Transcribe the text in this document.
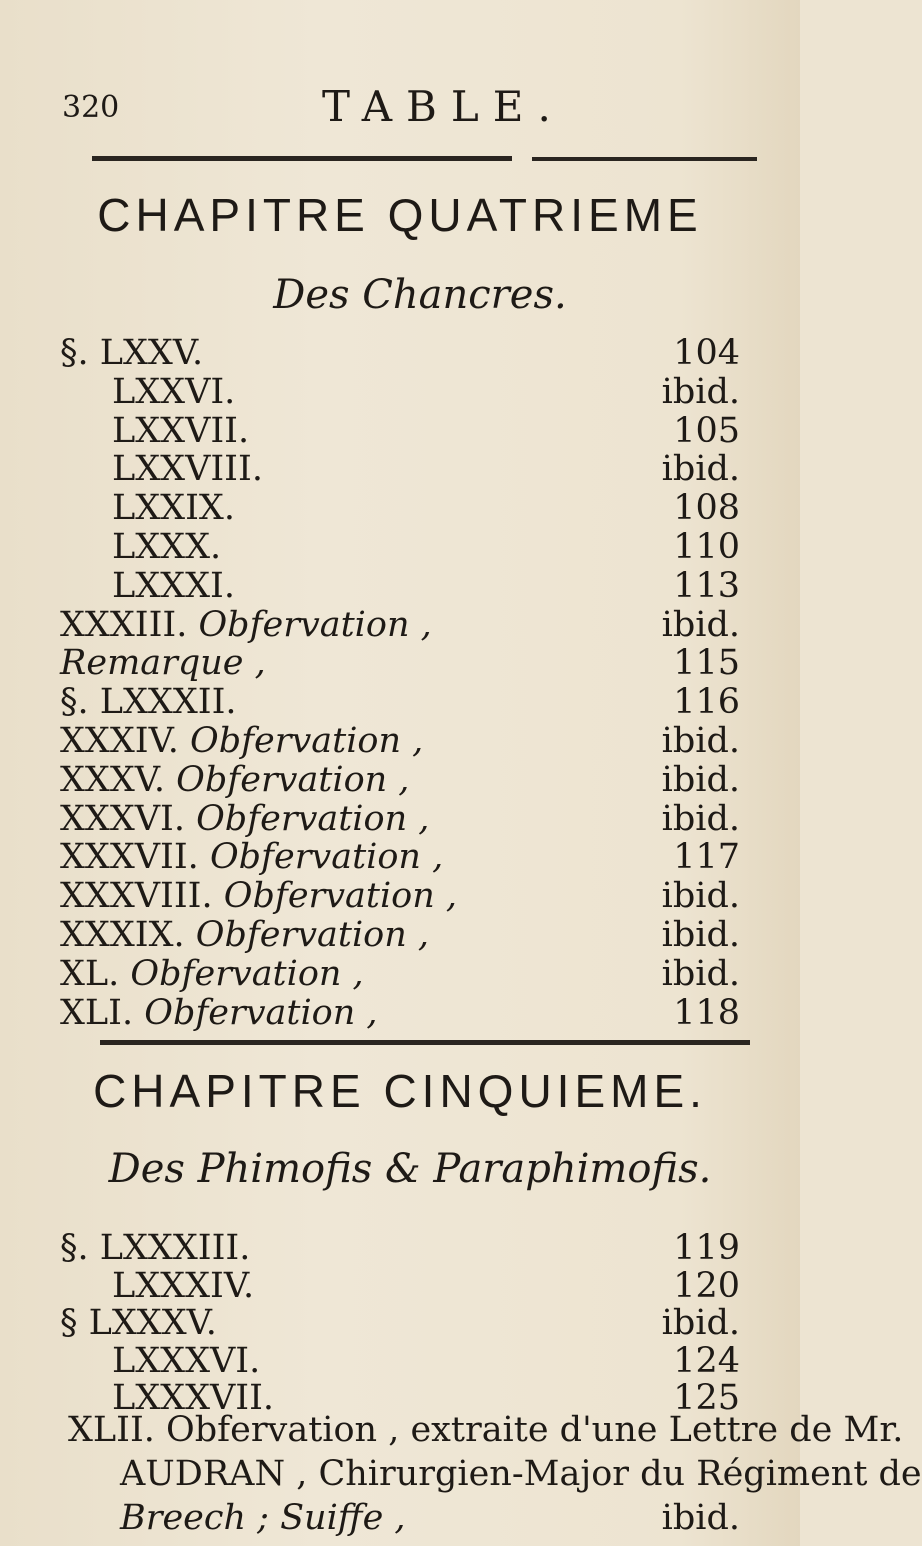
320	TABLE.
CHAPITRE QUATRIEME
Des Chancres.
§. LXXV.	104
LXXVI.	ibid.
LXXVII.	105
LXXVIII.	ibid.
LXXIX.	108
LXXX.	110
LXXXI.	113
XXXIII. Obfervation ,	ibid.
Remarque ,	115
§. LXXXII.	116
XXXIV. Obfervation ,	ibid.
XXXV. Obfervation ,	ibid.
XXXVI. Obfervation ,	ibid.
XXXVII. Obfervation ,	117
XXXVIII. Obfervation ,	ibid.
XXXIX. Obfervation ,	ibid.
XL. Obfervation ,	ibid.
XLI. Obfervation ,	118
CHAPITRE CINQUIEME.
Des Phimofis & Paraphimofis.
§. LXXXIII.	119
LXXXIV.	120
§ LXXXV.	ibid.
LXXXVI.	124
LXXXVII.	125
XLII. Obfervation , extraite d'une Lettre de Mr.
AUDRAN , Chirurgien-Major du Régiment de
Breech ; Suiffe ,	ibid.
